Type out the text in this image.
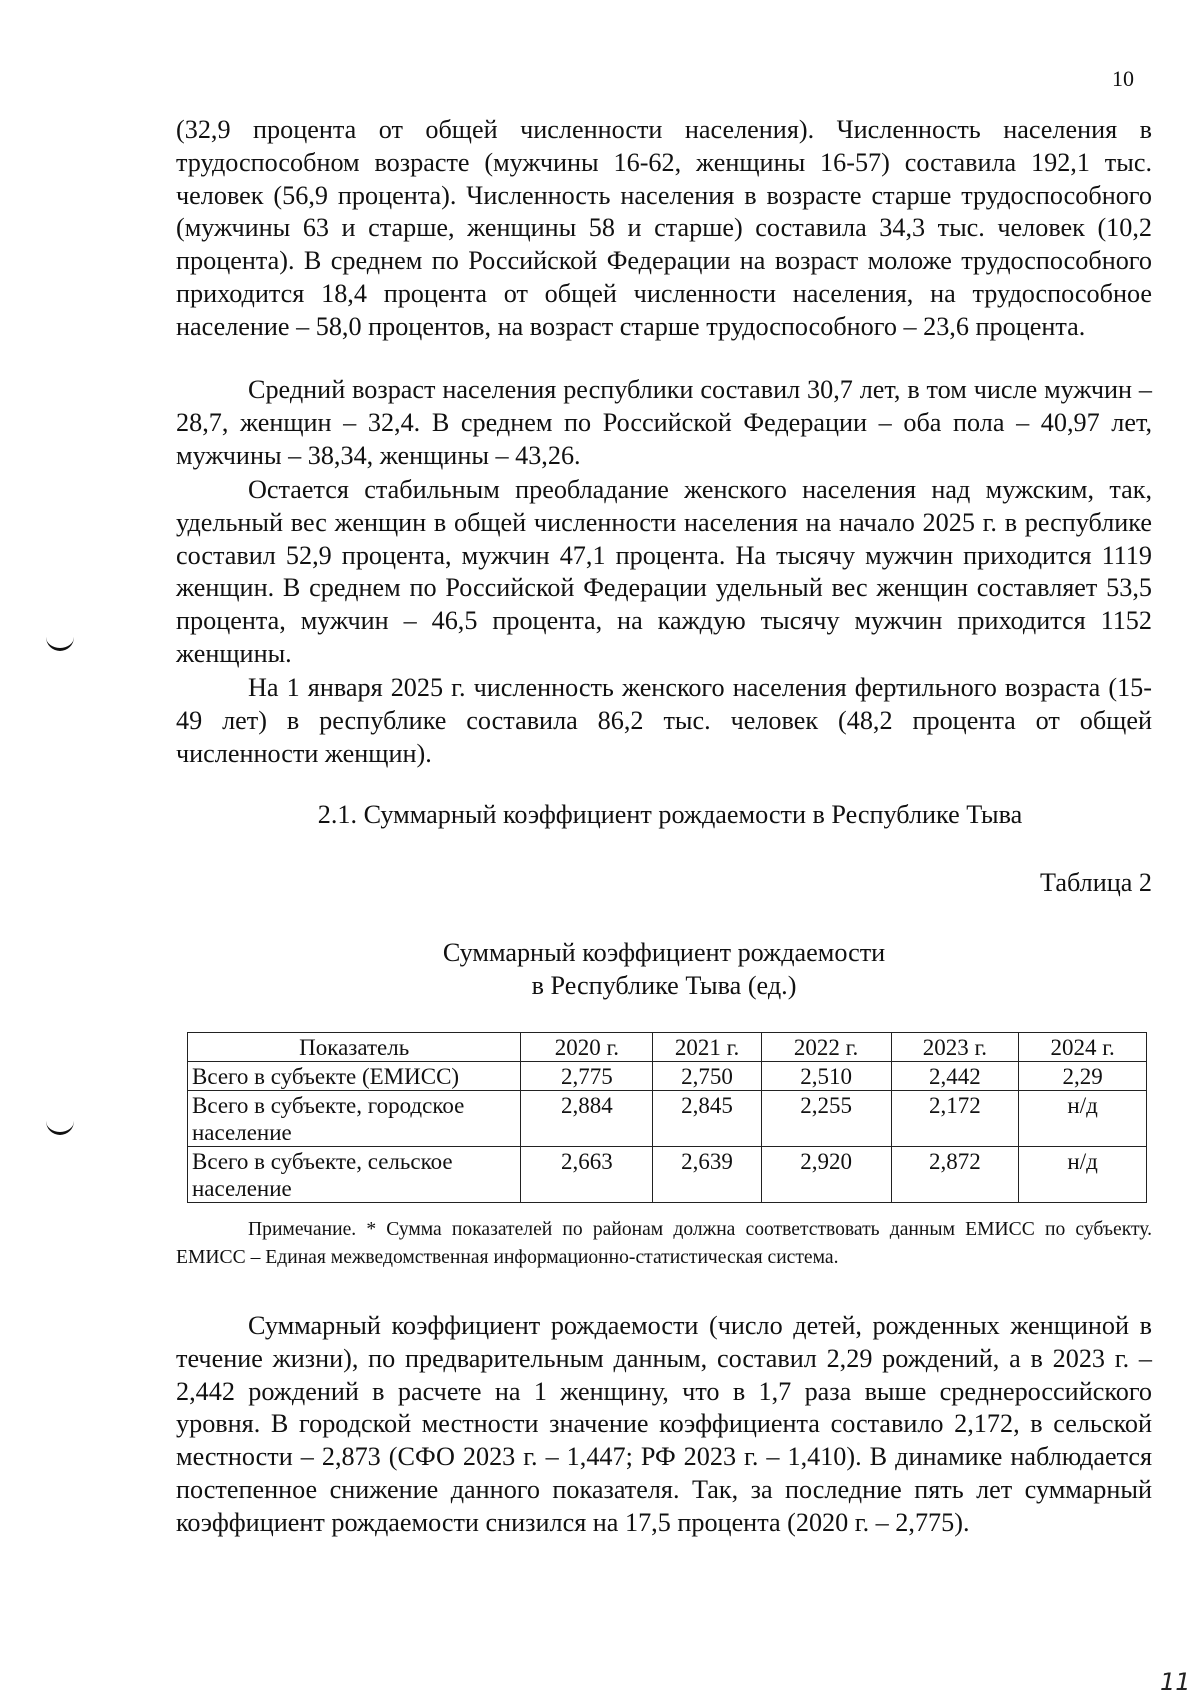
10

(32,9 процента от общей численности населения). Численность населения в трудоспособном возрасте (мужчины 16-62, женщины 16-57) составила 192,1 тыс. человек (56,9 процента). Численность населения в возрасте старше трудоспособного (мужчины 63 и старше, женщины 58 и старше) составила 34,3 тыс. человек (10,2 процента). В среднем по Российской Федерации на возраст моложе трудоспособного приходится 18,4 процента от общей численности населения, на трудоспособное население – 58,0 процентов, на возраст старше трудоспособного – 23,6 процента.

Средний возраст населения республики составил 30,7 лет, в том числе мужчин – 28,7, женщин – 32,4. В среднем по Российской Федерации – оба пола – 40,97 лет, мужчины – 38,34, женщины – 43,26.

Остается стабильным преобладание женского населения над мужским, так, удельный вес женщин в общей численности населения на начало 2025 г. в республике составил 52,9 процента, мужчин 47,1 процента. На тысячу мужчин приходится 1119 женщин. В среднем по Российской Федерации удельный вес женщин составляет 53,5 процента, мужчин – 46,5 процента, на каждую тысячу мужчин приходится 1152 женщины.

На 1 января 2025 г. численность женского населения фертильного возраста (15-49 лет) в республике составила 86,2 тыс. человек (48,2 процента от общей численности женщин).

2.1. Суммарный коэффициент рождаемости в Республике Тыва
Таблица 2
Суммарный коэффициент рождаемости
в Республике Тыва (ед.)
Показатель	2020 г.	2021 г.	2022 г.	2023 г.	2024 г.
Всего в субъекте (ЕМИСС)	2,775	2,750	2,510	2,442	2,29
Всего в субъекте, городское население	2,884	2,845	2,255	2,172	н/д
Всего в субъекте, сельское население	2,663	2,639	2,920	2,872	н/д

Примечание. * Сумма показателей по районам должна соответствовать данным ЕМИСС по субъекту. ЕМИСС – Единая межведомственная информационно-статистическая система.

Суммарный коэффициент рождаемости (число детей, рожденных женщиной в течение жизни), по предварительным данным, составил 2,29 рождений, а в 2023 г. – 2,442 рождений в расчете на 1 женщину, что в 1,7 раза выше среднероссийского уровня. В городской местности значение коэффициента составило 2,172, в сельской местности – 2,873 (СФО 2023 г. – 1,447; РФ 2023 г. – 1,410). В динамике наблюдается постепенное снижение данного показателя. Так, за последние пять лет суммарный коэффициент рождаемости снизился на 17,5 процента (2020 г. – 2,775).

11
